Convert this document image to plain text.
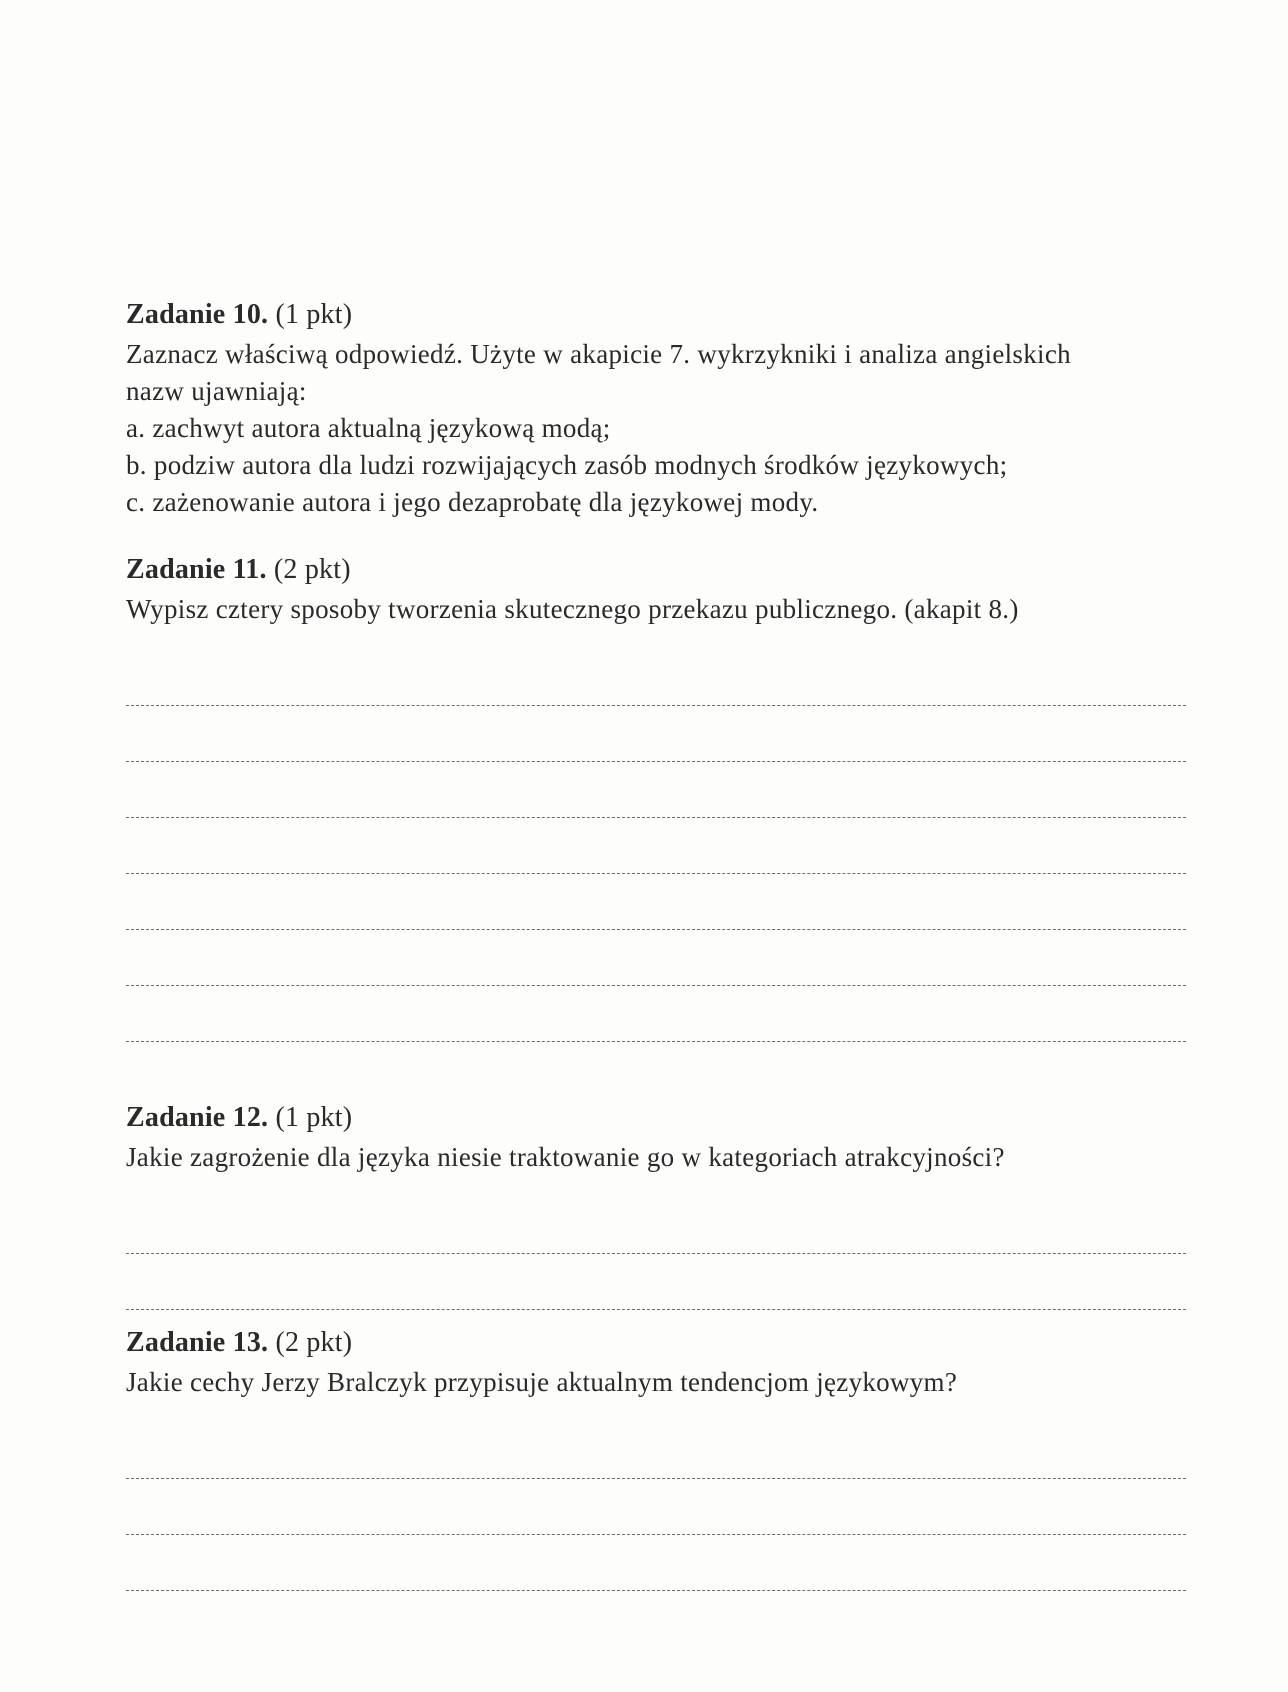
Zadanie 10. (1 pkt)

Zaznacz właściwą odpowiedź. Użyte w akapicie 7. wykrzykniki i analiza angielskich
nazw ujawniają:

a. zachwyt autora aktualną językową modą;
b. podziw autora dla ludzi rozwijających zasób modnych środków językowych;
c. zażenowanie autora i jego dezaprobatę dla językowej mody.
Zadanie 11. (2 pkt)

Wypisz cztery sposoby tworzenia skutecznego przekazu publicznego. (akapit 8.)

Zadanie 12. (1 pkt)

Jakie zagrożenie dla języka niesie traktowanie go w kategoriach atrakcyjności?

Zadanie 13. (2 pkt)

Jakie cechy Jerzy Bralczyk przypisuje aktualnym tendencjom językowym?
